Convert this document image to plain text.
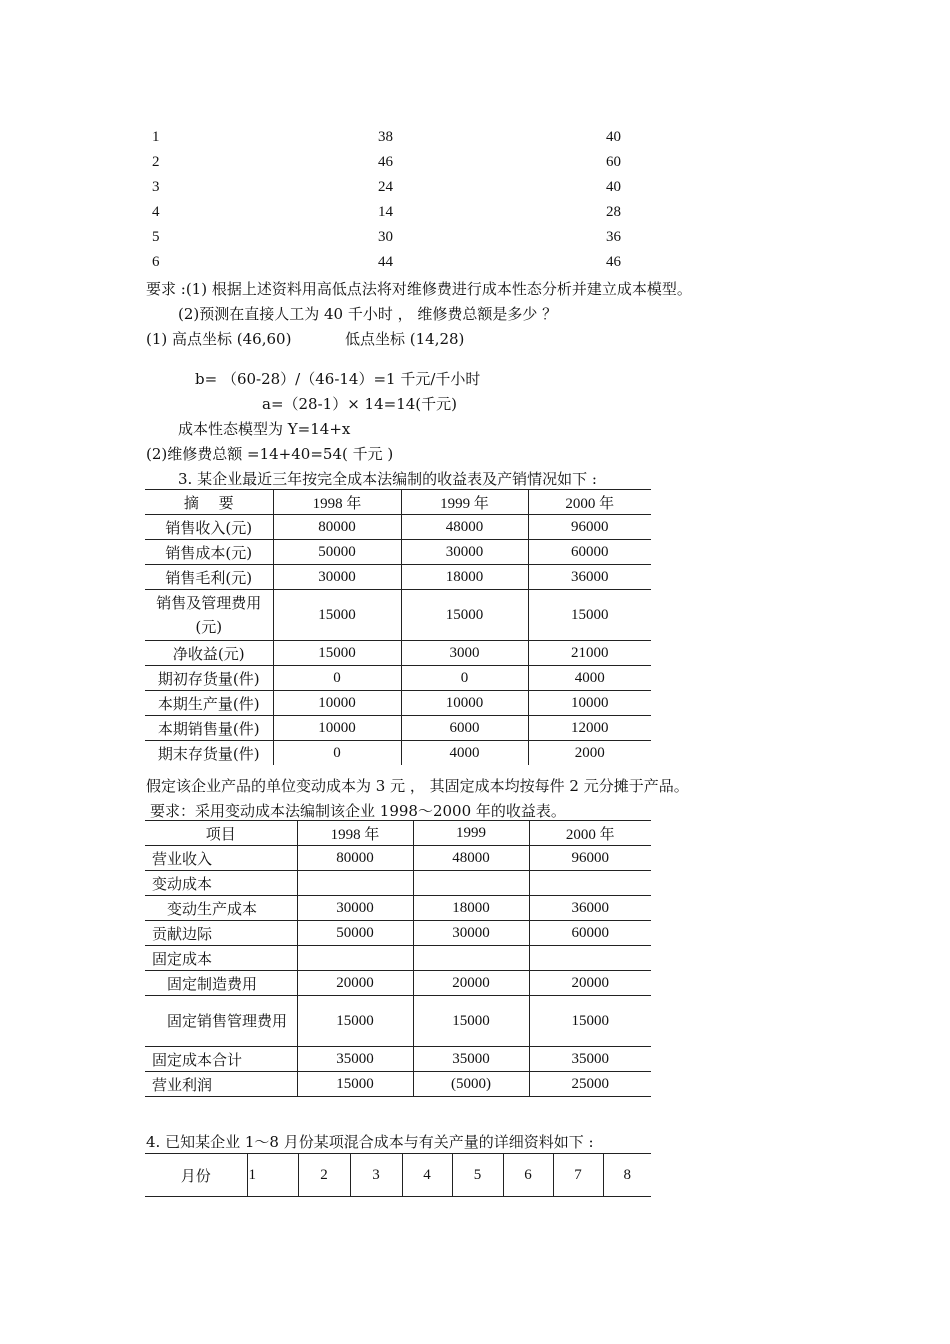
1	38	40
2	46	60
3	24	40
4	14	28
5	30	36
6	44	46
要求 :(1) 根据上述资料用高低点法将对维修费进行成本性态分析并建立成本模型。
(2)预测在直接人工为 40 千小时 ， 维修费总额是多少 ？
(1) 高点坐标 (46,60)	低点坐标 (14,28)
b= （60-28）/（46-14）=1 千元/千小时
a=（28-1）× 14=14(千元)
成本性态模型为 Y=14+x
(2)维修费总额 =14+40=54( 千元 )
3. 某企业最近三年按完全成本法编制的收益表及产销情况如下 :
摘　 要	1998 年	1999 年	2000 年
销售收入(元)	80000	48000	96000
销售成本(元)	50000	30000	60000
销售毛利(元)	30000	18000	36000
销售及管理费用(元)	15000	15000	15000
净收益(元)	15000	3000	21000
期初存货量(件)	0	0	4000
本期生产量(件)	10000	10000	10000
本期销售量(件)	10000	6000	12000
期末存货量(件)	0	4000	2000
假定该企业产品的单位变动成本为 3 元 ， 其固定成本均按每件 2 元分摊于产品。
要求：采用变动成本法编制该企业 1998～2000 年的收益表。
项目	1998 年	1999	2000 年
营业收入	80000	48000	96000
变动成本			
变动生产成本	30000	18000	36000
贡献边际	50000	30000	60000
固定成本			
固定制造费用	20000	20000	20000
固定销售管理费用	15000	15000	15000
固定成本合计	35000	35000	35000
营业利润	15000	(5000)	25000
4. 已知某企业 1～8 月份某项混合成本与有关产量的详细资料如下 :
月份	1	2	3	4	5	6	7	8
